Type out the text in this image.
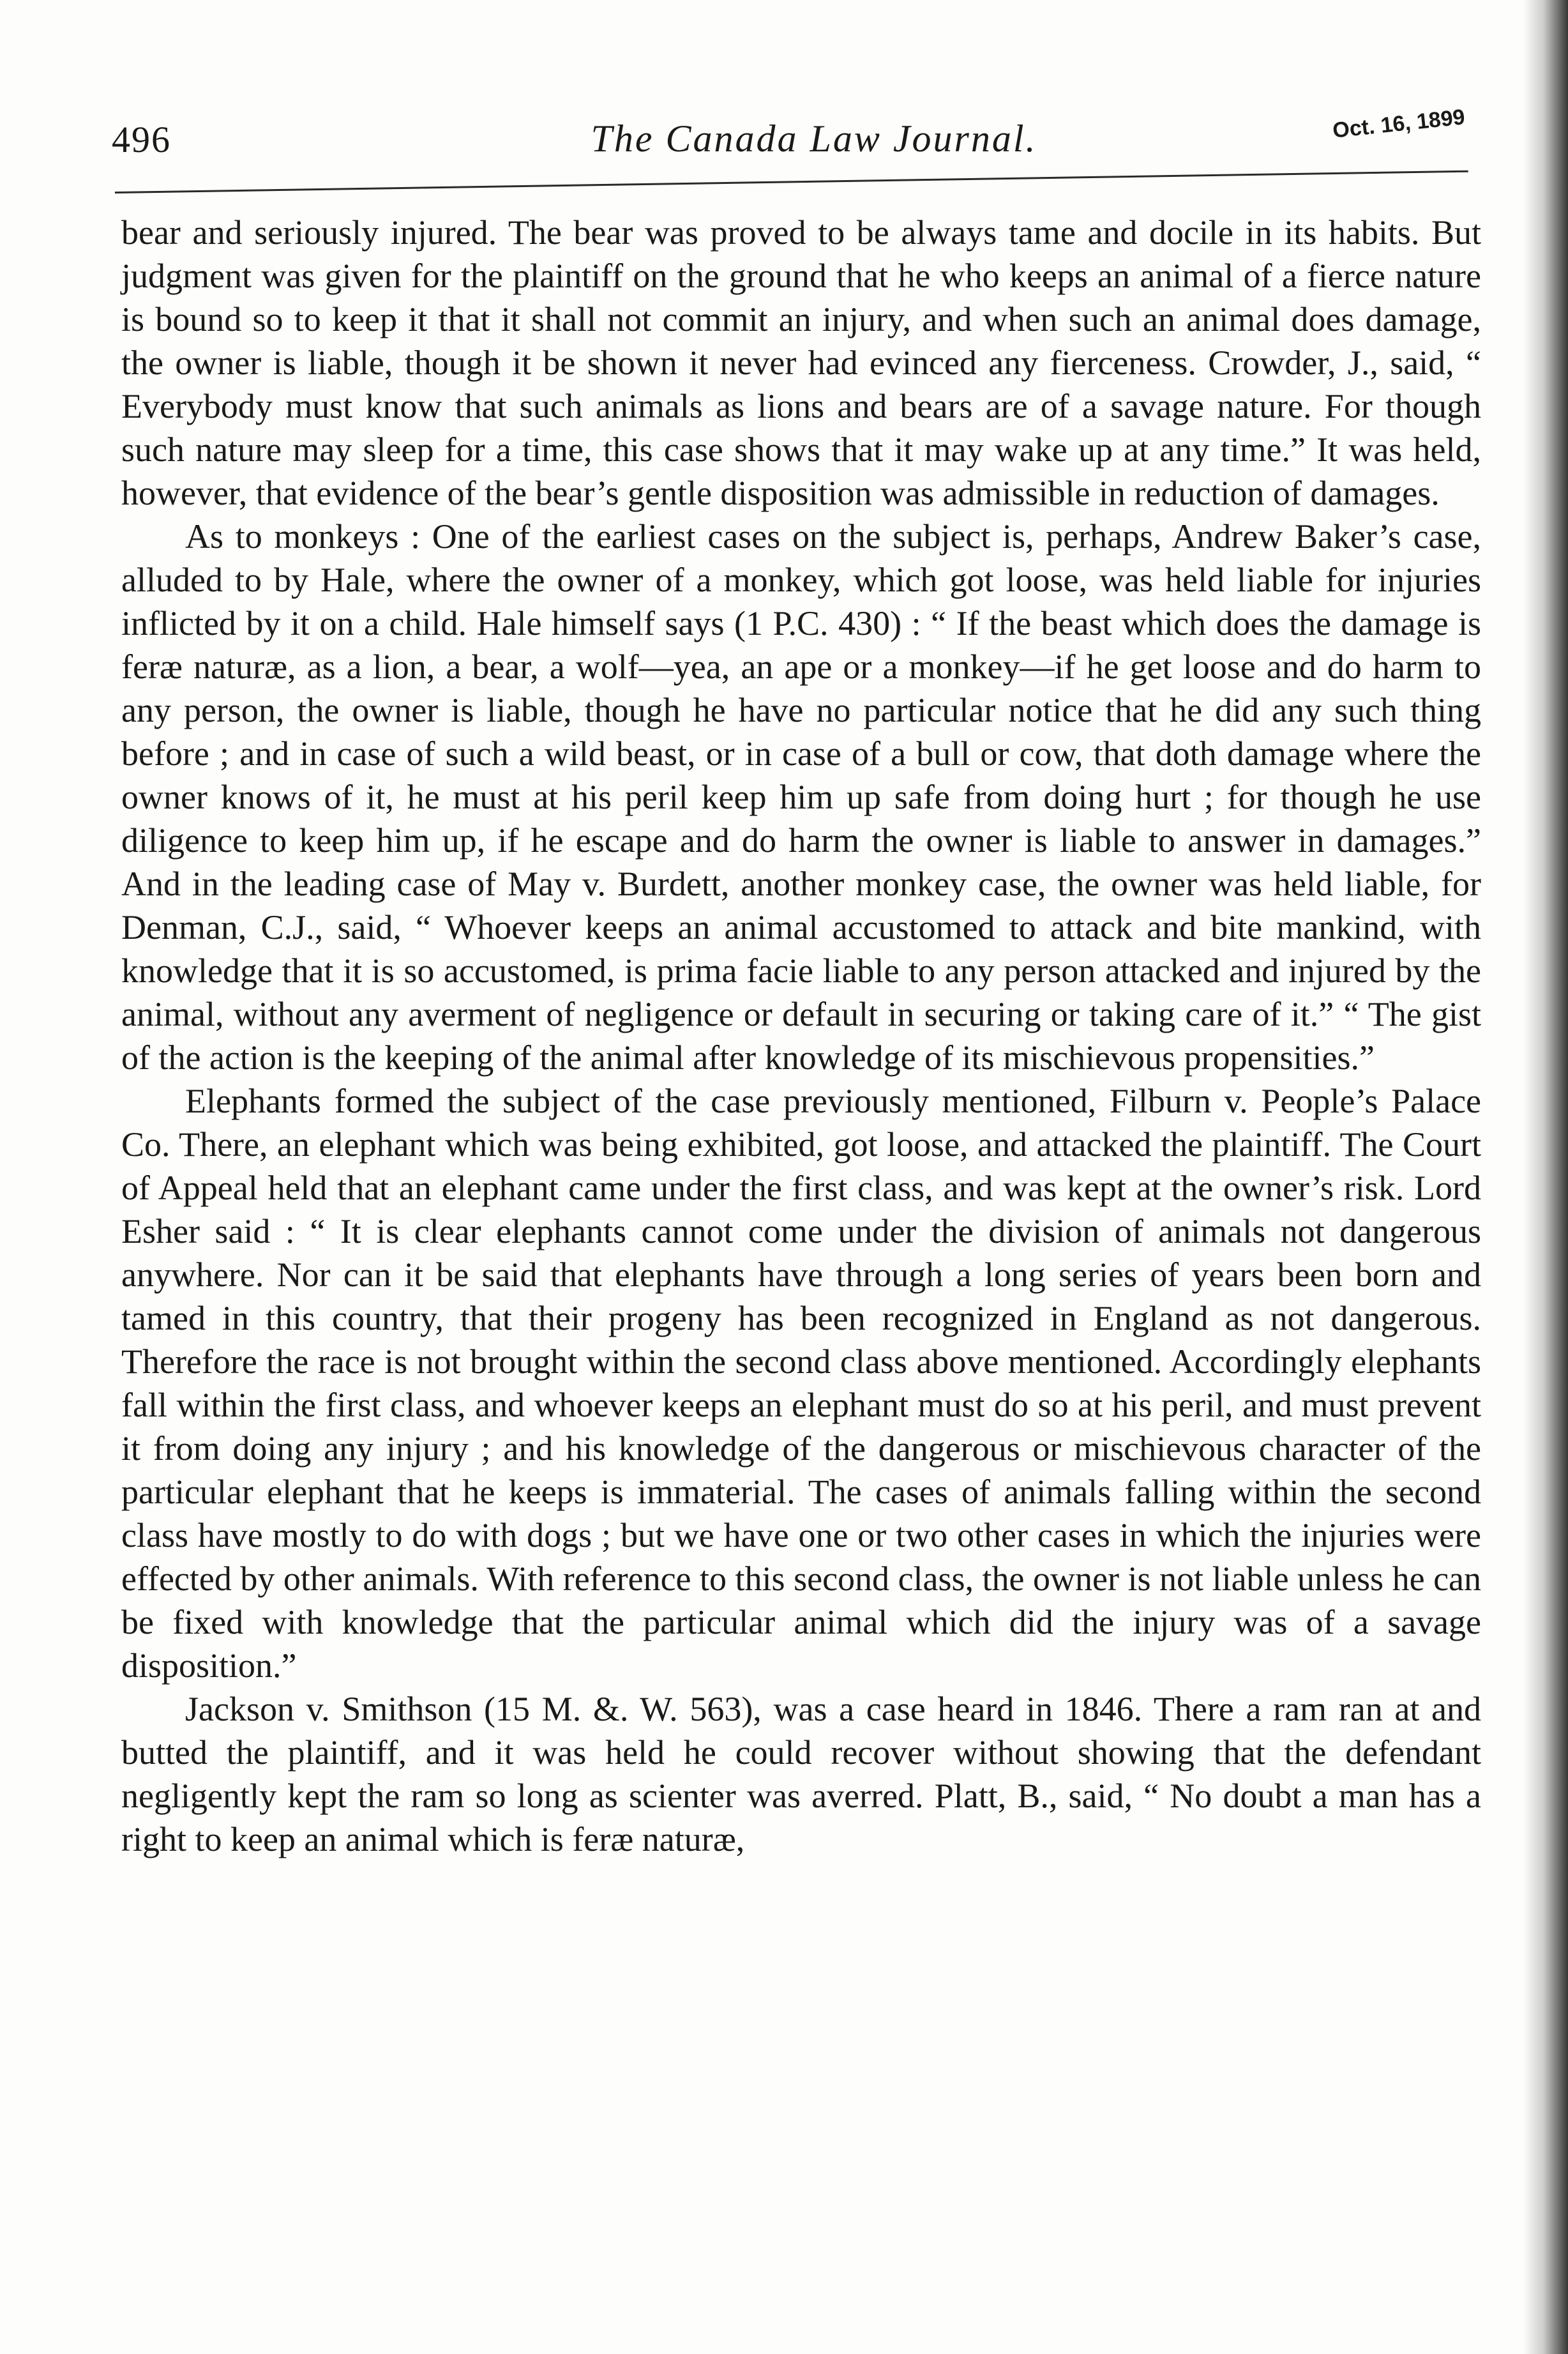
496	The Canada Law Journal.	Oct. 16, 1899

bear and seriously injured. The bear was proved to be always tame and docile in its habits. But judgment was given for the plaintiff on the ground that he who keeps an animal of a fierce nature is bound so to keep it that it shall not commit an injury, and when such an animal does damage, the owner is liable, though it be shown it never had evinced any fierceness. Crowder, J., said, “ Everybody must know that such animals as lions and bears are of a savage nature. For though such nature may sleep for a time, this case shows that it may wake up at any time.” It was held, however, that evidence of the bear’s gentle disposition was admissible in reduction of damages.

As to monkeys : One of the earliest cases on the subject is, perhaps, Andrew Baker’s case, alluded to by Hale, where the owner of a monkey, which got loose, was held liable for injuries inflicted by it on a child. Hale himself says (1 P.C. 430) : “ If the beast which does the damage is feræ naturæ, as a lion, a bear, a wolf—yea, an ape or a monkey—if he get loose and do harm to any person, the owner is liable, though he have no particular notice that he did any such thing before ; and in case of such a wild beast, or in case of a bull or cow, that doth damage where the owner knows of it, he must at his peril keep him up safe from doing hurt ; for though he use diligence to keep him up, if he escape and do harm the owner is liable to answer in damages.” And in the leading case of May v. Burdett, another monkey case, the owner was held liable, for Denman, C.J., said, “ Whoever keeps an animal accustomed to attack and bite mankind, with knowledge that it is so accustomed, is prima facie liable to any person attacked and injured by the animal, without any averment of negligence or default in securing or taking care of it.” “ The gist of the action is the keeping of the animal after knowledge of its mischievous propensities.”

Elephants formed the subject of the case previously mentioned, Filburn v. People’s Palace Co. There, an elephant which was being exhibited, got loose, and attacked the plaintiff. The Court of Appeal held that an elephant came under the first class, and was kept at the owner’s risk. Lord Esher said : “ It is clear elephants cannot come under the division of animals not dangerous anywhere. Nor can it be said that elephants have through a long series of years been born and tamed in this country, that their progeny has been recognized in England as not dangerous. Therefore the race is not brought within the second class above mentioned. Accordingly elephants fall within the first class, and whoever keeps an elephant must do so at his peril, and must prevent it from doing any injury ; and his knowledge of the dangerous or mischievous character of the particular elephant that he keeps is immaterial. The cases of animals falling within the second class have mostly to do with dogs ; but we have one or two other cases in which the injuries were effected by other animals. With reference to this second class, the owner is not liable unless he can be fixed with knowledge that the particular animal which did the injury was of a savage disposition.”

Jackson v. Smithson (15 M. &. W. 563), was a case heard in 1846. There a ram ran at and butted the plaintiff, and it was held he could recover without showing that the defendant negligently kept the ram so long as scienter was averred. Platt, B., said, “ No doubt a man has a right to keep an animal which is feræ naturæ,
